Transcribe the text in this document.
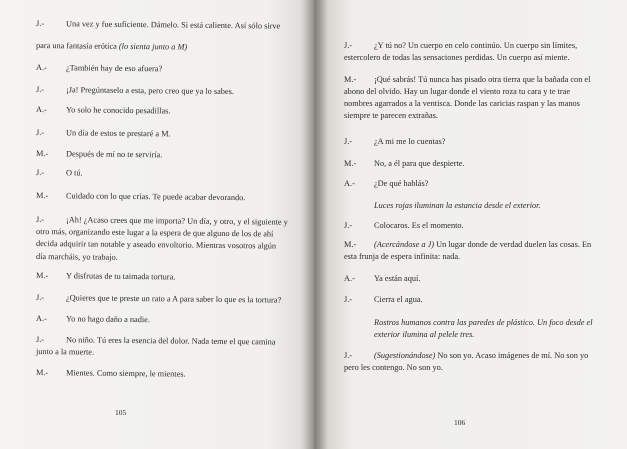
105
J.-	Una vez y fue suficiente. Dámelo. Si está caliente. Así sólo sirve
para una fantasía erótica (lo sienta junto a M)
A.- ¿También hay de eso afuera?
J.-	¡Ja! Pregúntaselo a esta, pero creo que ya lo sabes.
A.- Yo solo he conocido pesadillas.
J.-	Un día de estos te prestaré a M.
M.- Después de mí no te serviría.
J.-	O tú.
M.- Cuidado con lo que crías. Te puede acabar devorando.
J.-	¡Ah! ¿Acaso crees que me importa? Un día, y otro, y el siguiente y
otro más, organizando este lugar a la espera de que alguno de los de ahí
decida adquirir tan notable y aseado envoltorio. Mientras vosotros algún
día marcháis, yo trabajo.
M.- Y disfrutas de tu taimada tortura.
J.-	¿Quieres que te preste un rato a A para saber lo que es la tortura?
A.- Yo no hago daño a nadie.
J.-	No niño. Tú eres la esencia del dolor. Nada teme el que camina
junto a la muerte.
M.- Mientes. Como siempre, le mientes.
106
J.-	¿Y tú no? Un cuerpo en celo continúo. Un cuerpo sin límites,
estercolero de todas las sensaciones perdidas. Un cuerpo así miente.
M.- ¡Qué sabrás! Tú nunca has pisado otra tierra que la bañada con el
abono del olvido. Hay un lugar donde el viento roza tu cara y te trae
nombres agarrados a la ventisca. Donde las caricias raspan y las manos
siempre te parecen extrañas.
J.-	¿A mi me lo cuentas?
M.- No, a él para que despierte.
A.- ¿De qué hablás?
Luces rojas iluminan la estancia desde el exterior.
J.-	Colocaros. Es el momento.
M.- (Acercándose a J) Un lugar donde de verdad duelen las cosas. En
esta frunja de espera infinita: nada.
A.- Ya están aquí.
J.-	Cierra el agua.
Rostros humanos contra las paredes de plástico. Un foco desde el
exterior ilumina al pelele tres.
J.-	(Sugestionándose) No son yo. Acaso imágenes de mí. No son yo
pero les contengo. No son yo.
